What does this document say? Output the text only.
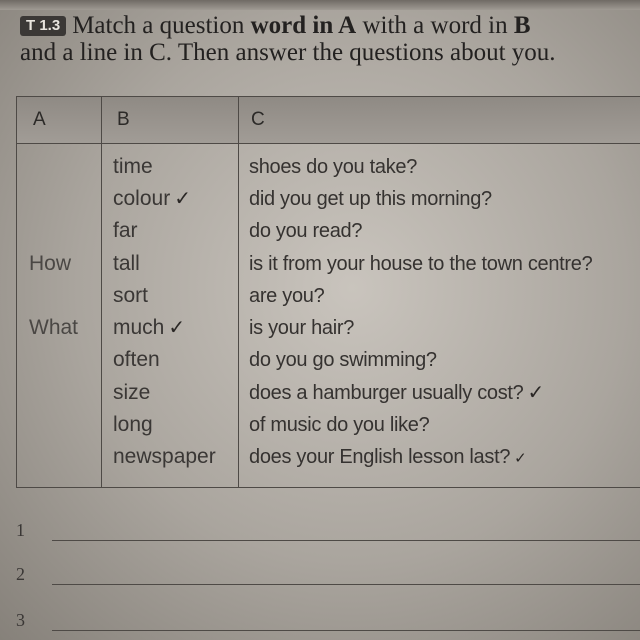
T 1.3 Match a question word in A with a word in B
and a line in C. Then answer the questions about you.

A	B	C
How
What
time
colour ✓
far
tall
sort
much ✓
often
size
long
newspaper
shoes do you take?
did you get up this morning?
do you read?
is it from your house to the town centre?
are you?
is your hair?
do you go swimming?
does a hamburger usually cost? ✓
of music do you like?
does your English lesson last? ✓
1
2
3
